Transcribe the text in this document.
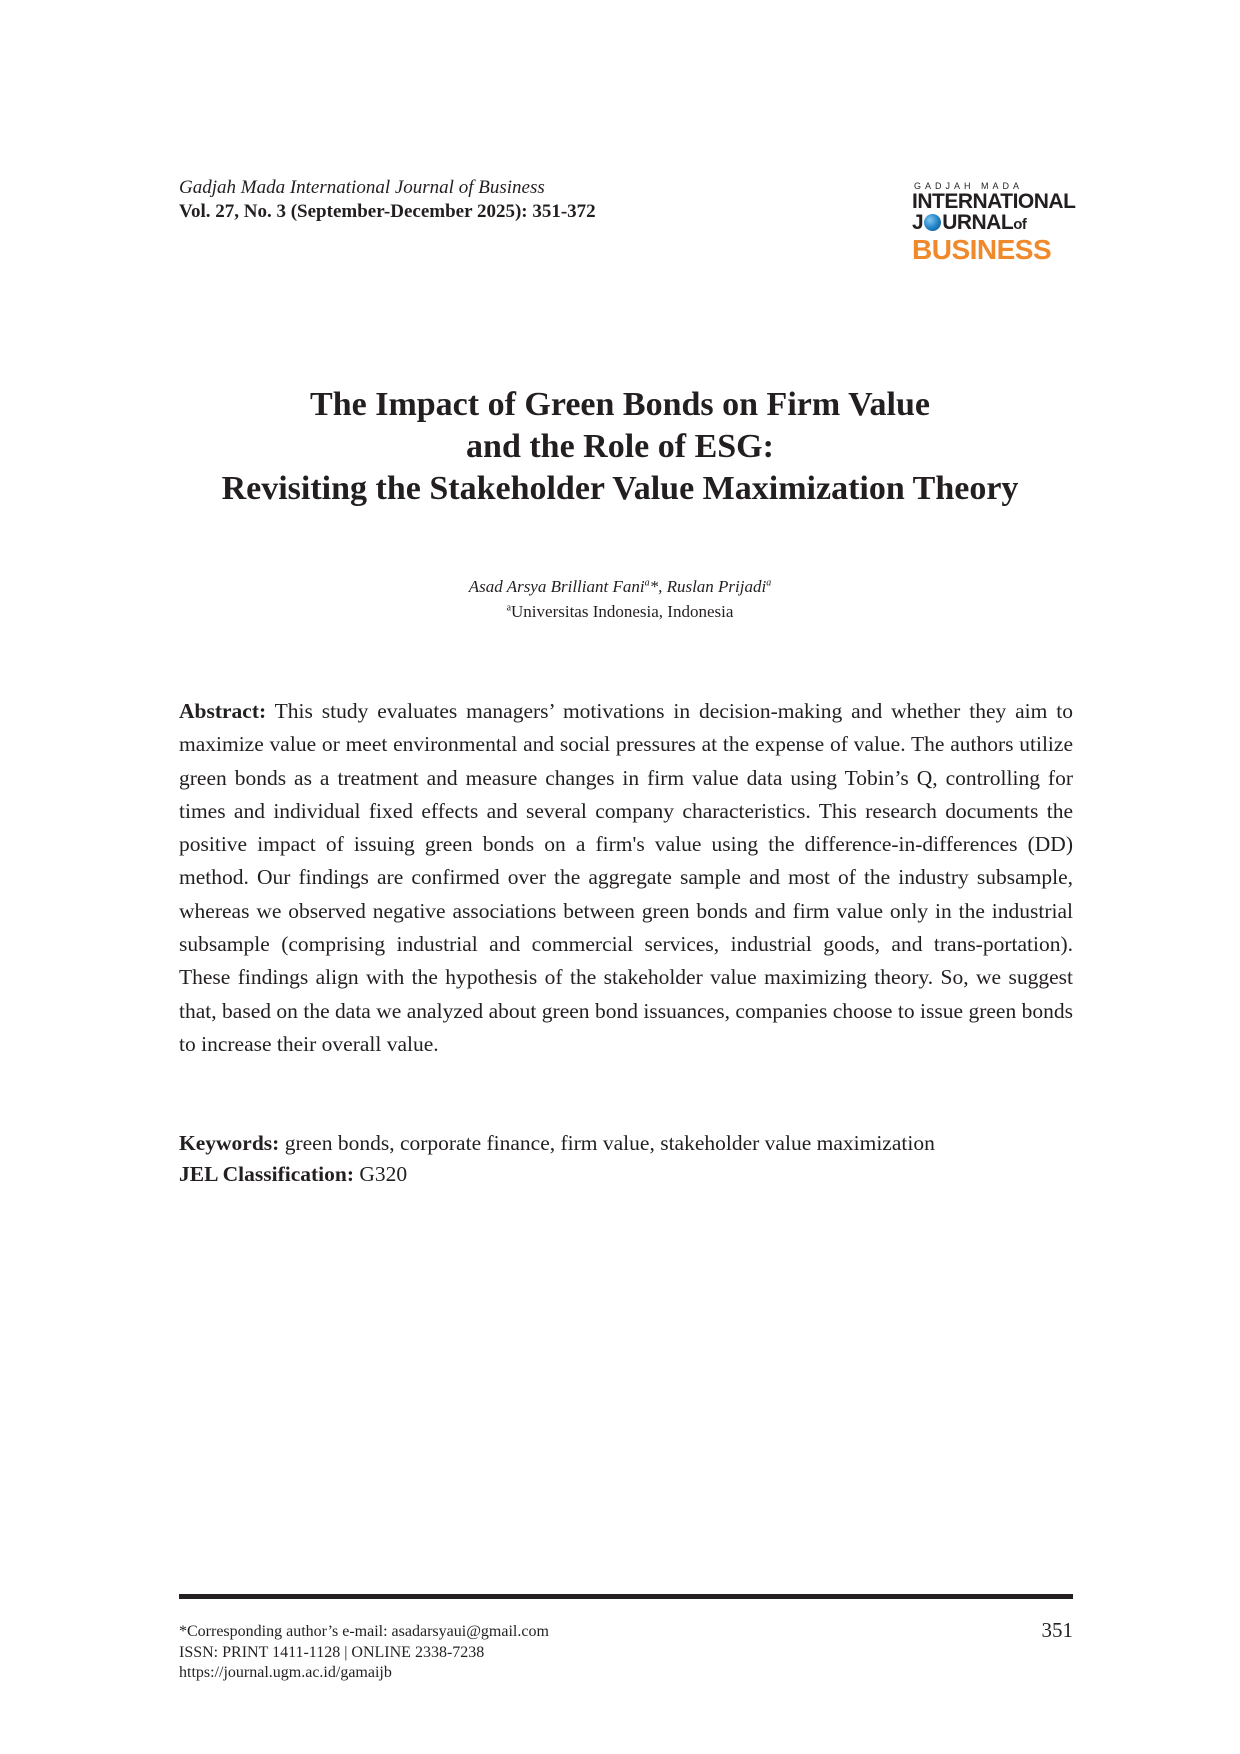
Gadjah Mada International Journal of Business
Vol. 27, No. 3 (September-December 2025): 351-372
GADJAH MADA
INTERNATIONAL
J URNAL of
BUSINESS
The Impact of Green Bonds on Firm Value
and the Role of ESG:
Revisiting the Stakeholder Value Maximization Theory
Asad Arsya Brilliant Fani$^a$*, Ruslan Prijadi$^a$
$^a$Universitas Indonesia, Indonesia
Abstract: This study evaluates managers’ motivations in decision-making and whether they aim to maximize value or meet environmental and social pressures at the expense of value. The authors utilize green bonds as a treatment and measure changes in firm value data using Tobin’s Q, controlling for times and individual fixed effects and several company characteristics. This research documents the positive impact of issuing green bonds on a firm's value using the difference-in-differences (DD) method. Our findings are confirmed over the aggregate sample and most of the industry subsample, whereas we observed negative associations between green bonds and firm value only in the industrial subsample (comprising industrial and commercial services, industrial goods, and trans-portation). These findings align with the hypothesis of the stakeholder value maximizing theory. So, we suggest that, based on the data we analyzed about green bond issuances, companies choose to issue green bonds to increase their overall value.
Keywords: green bonds, corporate finance, firm value, stakeholder value maximization
JEL Classification: G320
*Corresponding author’s e-mail: asadarsyaui@gmail.com
ISSN: PRINT 1411-1128 | ONLINE 2338-7238
https://journal.ugm.ac.id/gamaijb
351
